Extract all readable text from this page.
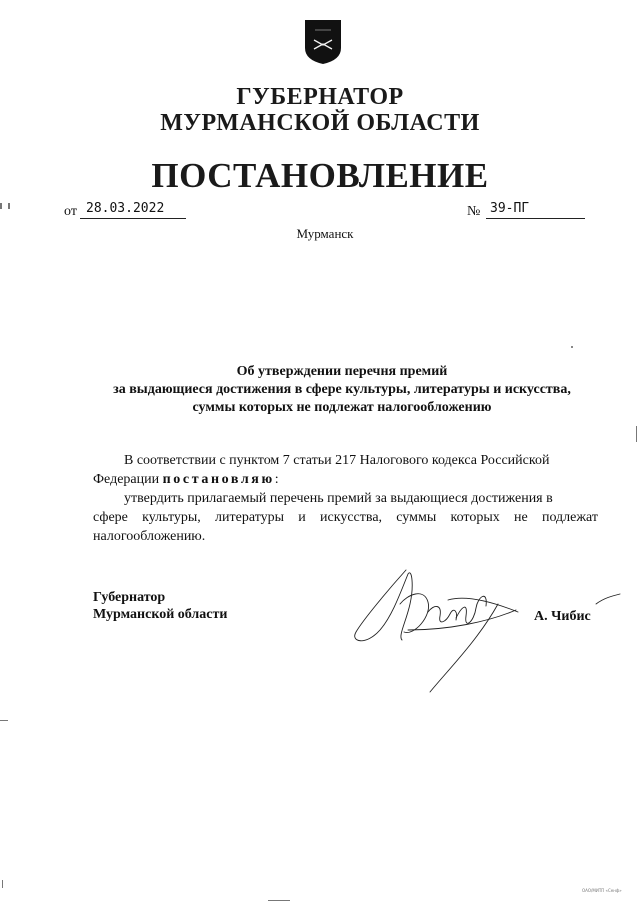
ГУБЕРНАТОР
МУРМАНСКОЙ ОБЛАСТИ
ПОСТАНОВЛЕНИЕ
от 28.03.2022	№ 39-ПГ
Мурманск
Об утверждении перечня премий
за выдающиеся достижения в сфере культуры, литературы и искусства,
суммы которых не подлежат налогообложению
В соответствии с пунктом 7 статьи 217 Налогового кодекса Российской
Федерации постановляю:
утвердить прилагаемый перечень премий за выдающиеся достижения в
сфере культуры, литературы и искусства, суммы которых не подлежат
налогообложению.
Губернатор
Мурманской области	А. Чибис
ОАО/МИТП «Сенф»
